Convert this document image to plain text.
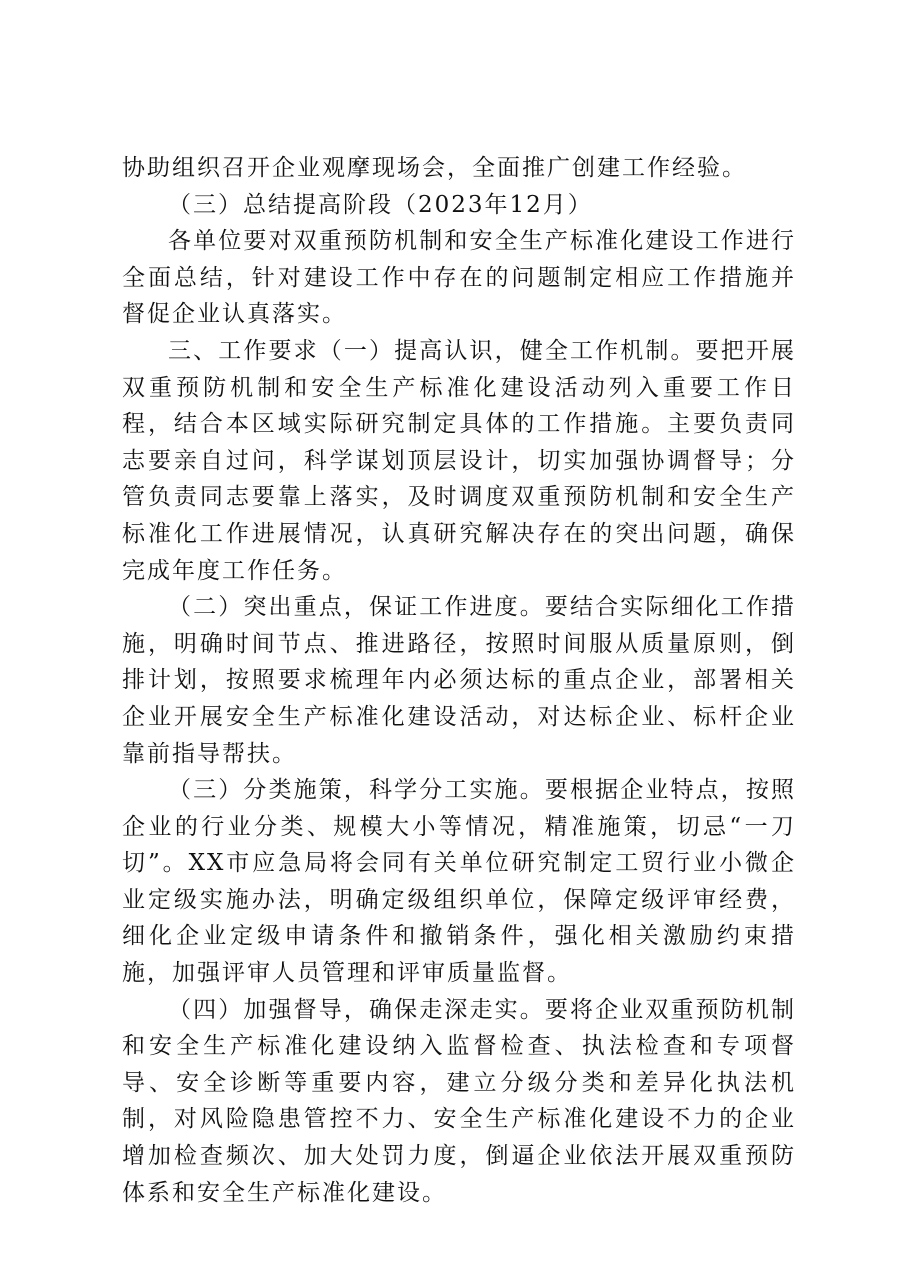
协助组织召开企业观摩现场会，全面推广创建工作经验。

（三）总结提高阶段（2023年12月）

各单位要对双重预防机制和安全生产标准化建设工作进行全面总结，针对建设工作中存在的问题制定相应工作措施并督促企业认真落实。

三、工作要求（一）提高认识，健全工作机制。要把开展双重预防机制和安全生产标准化建设活动列入重要工作日程，结合本区域实际研究制定具体的工作措施。主要负责同志要亲自过问，科学谋划顶层设计，切实加强协调督导；分管负责同志要靠上落实，及时调度双重预防机制和安全生产标准化工作进展情况，认真研究解决存在的突出问题，确保完成年度工作任务。

（二）突出重点，保证工作进度。要结合实际细化工作措施，明确时间节点、推进路径，按照时间服从质量原则，倒排计划，按照要求梳理年内必须达标的重点企业，部署相关企业开展安全生产标准化建设活动，对达标企业、标杆企业靠前指导帮扶。

（三）分类施策，科学分工实施。要根据企业特点，按照企业的行业分类、规模大小等情况，精准施策，切忌“一刀切”。XX市应急局将会同有关单位研究制定工贸行业小微企业定级实施办法，明确定级组织单位，保障定级评审经费，细化企业定级申请条件和撤销条件，强化相关激励约束措施，加强评审人员管理和评审质量监督。

（四）加强督导，确保走深走实。要将企业双重预防机制和安全生产标准化建设纳入监督检查、执法检查和专项督导、安全诊断等重要内容，建立分级分类和差异化执法机制，对风险隐患管控不力、安全生产标准化建设不力的企业增加检查频次、加大处罚力度，倒逼企业依法开展双重预防体系和安全生产标准化建设。
